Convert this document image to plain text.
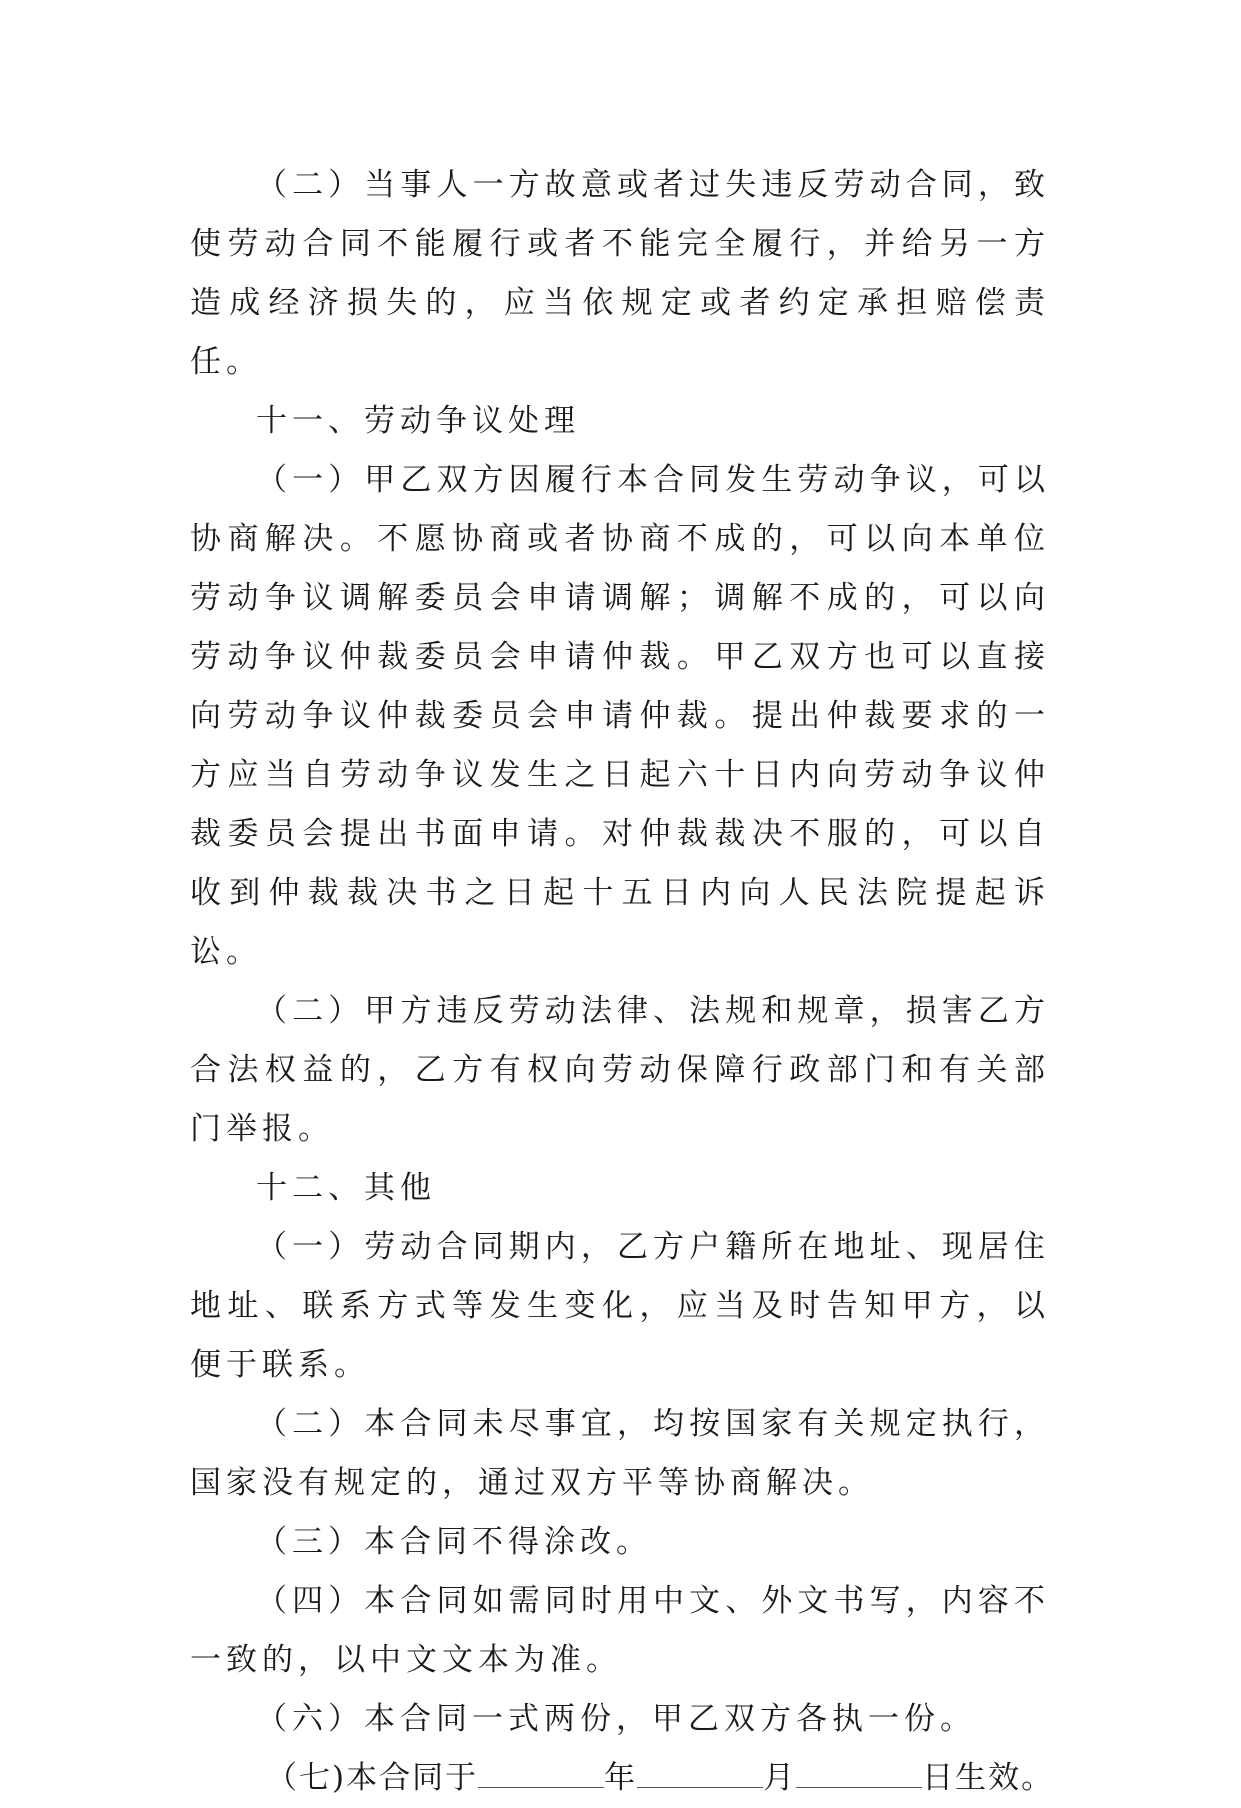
（二）当事人一方故意或者过失违反劳动合同，致使劳动合同不能履行或者不能完全履行，并给另一方造成经济损失的，应当依规定或者约定承担赔偿责任。

十一、劳动争议处理

（一）甲乙双方因履行本合同发生劳动争议，可以协商解决。不愿协商或者协商不成的，可以向本单位劳动争议调解委员会申请调解；调解不成的，可以向劳动争议仲裁委员会申请仲裁。甲乙双方也可以直接向劳动争议仲裁委员会申请仲裁。提出仲裁要求的一方应当自劳动争议发生之日起六十日内向劳动争议仲裁委员会提出书面申请。对仲裁裁决不服的，可以自收到仲裁裁决书之日起十五日内向人民法院提起诉讼。

（二）甲方违反劳动法律、法规和规章，损害乙方合法权益的，乙方有权向劳动保障行政部门和有关部门举报。

十二、其他

（一）劳动合同期内，乙方户籍所在地址、现居住地址、联系方式等发生变化，应当及时告知甲方，以便于联系。

（二）本合同未尽事宜，均按国家有关规定执行，国家没有规定的，通过双方平等协商解决。

（三）本合同不得涂改。

（四）本合同如需同时用中文、外文书写，内容不一致的，以中文文本为准。

（六）本合同一式两份，甲乙双方各执一份。

（七)本合同于	年	月	日生效。
